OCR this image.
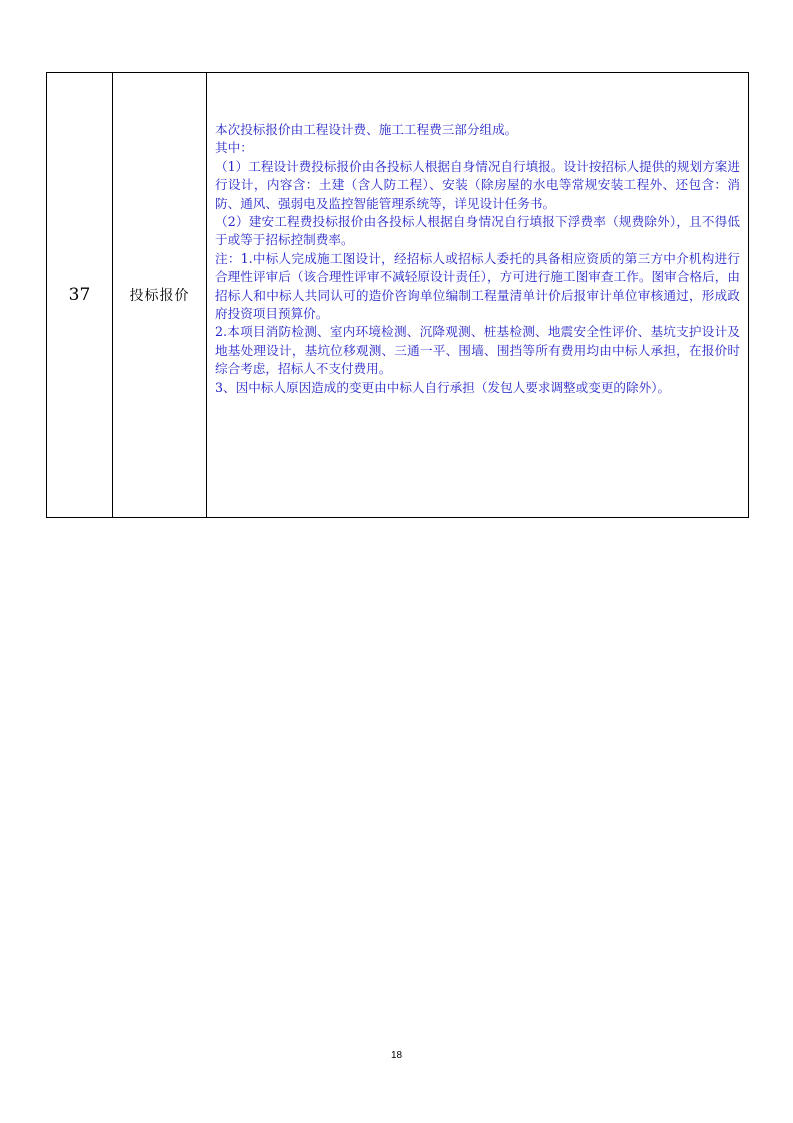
37	投标报价	

本次投标报价由工程设计费、施工工程费三部分组成。

其中：

（1）工程设计费投标报价由各投标人根据自身情况自行填报。设计按招标人提供的规划方案进行设计，内容含：土建（含人防工程）、安装（除房屋的水电等常规安装工程外、还包含：消防、通风、强弱电及监控智能管理系统等，详见设计任务书。

（2）建安工程费投标报价由各投标人根据自身情况自行填报下浮费率（规费除外），且不得低于或等于招标控制费率。

注：1.中标人完成施工图设计，经招标人或招标人委托的具备相应资质的第三方中介机构进行合理性评审后（该合理性评审不减轻原设计责任），方可进行施工图审查工作。图审合格后，由招标人和中标人共同认可的造价咨询单位编制工程量清单计价后报审计单位审核通过，形成政府投资项目预算价。

2.本项目消防检测、室内环境检测、沉降观测、桩基检测、地震安全性评价、基坑支护设计及地基处理设计，基坑位移观测、三通一平、围墙、围挡等所有费用均由中标人承担，在报价时综合考虑，招标人不支付费用。

3、因中标人原因造成的变更由中标人自行承担（发包人要求调整或变更的除外）。

18
